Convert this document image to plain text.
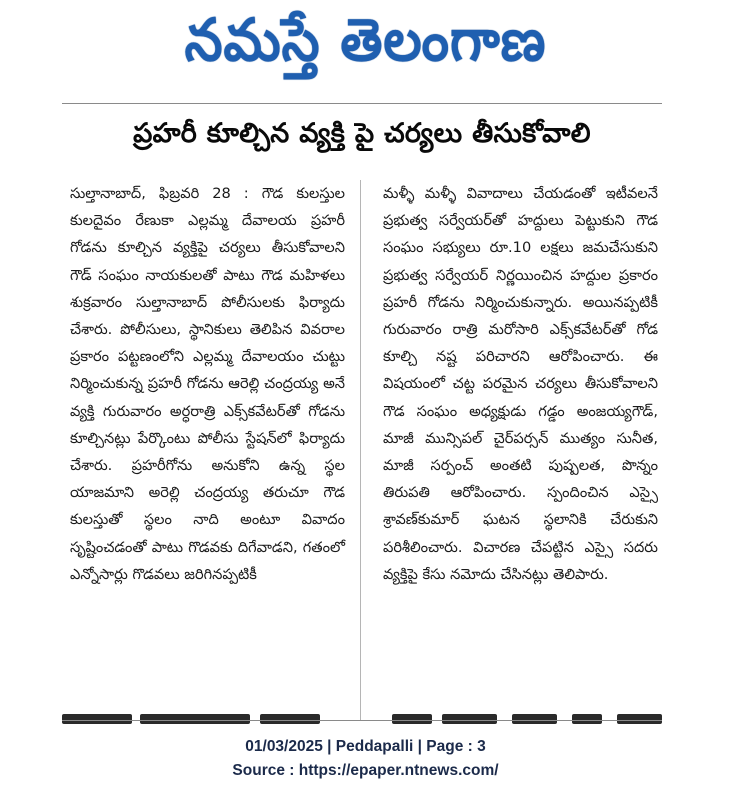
నమస్తే తెలంగాణ
ప్రహరీ కూల్చిన వ్యక్తి పై చర్యలు తీసుకోవాలి
సుల్తానాబాద్, ఫిబ్రవరి 28 : గౌడ కులస్తుల కులదైవం రేణుకా ఎల్లమ్మ దేవాలయ ప్రహరీ గోడను కూల్చిన వ్యక్తిపై చర్యలు తీసుకోవాలని గౌడ్ సంఘం నాయకులతో పాటు గౌడ మహిళలు శుక్రవారం సుల్తానాబాద్ పోలీసులకు ఫిర్యాదు చేశారు. పోలీసులు, స్థానికులు తెలిపిన వివరాల ప్రకారం పట్టణంలోని ఎల్లమ్మ దేవాలయం చుట్టు నిర్మించుకున్న ప్రహరీ గోడను ఆరెల్లి చంద్రయ్య అనే వ్యక్తి గురువారం అర్ధరాత్రి ఎక్స్‌కవేటర్‌తో గోడను కూల్చినట్లు పేర్కొంటు పోలీసు స్టేషన్‌లో ఫిర్యాదు చేశారు. ప్రహరీగోను అనుకోని ఉన్న స్థల యాజమాని అరెల్లి చంద్రయ్య తరుచూ గౌడ కులస్తుతో స్థలం నాది అంటూ వివాదం సృష్టించడంతో పాటు గొడవకు దిగేవాడని, గతంలో ఎన్నోసార్లు గొడవలు జరిగినప్పటికీ
మళ్ళీ మళ్ళీ వివాదాలు చేయడంతో ఇటీవలనే ప్రభుత్వ సర్వేయర్‌తో హద్దులు పెట్టుకుని గౌడ సంఘం సభ్యులు రూ.10 లక్షలు జమచేసుకుని ప్రభుత్వ సర్వేయర్ నిర్ణయించిన హద్దుల ప్రకారం ప్రహరీ గోడను నిర్మించుకున్నారు. అయినప్పటికీ గురువారం రాత్రి మరోసారి ఎక్స్‌కవేటర్‌తో గోడ కూల్చి నష్ట పరిచారని ఆరోపించారు. ఈ విషయంలో చట్ట పరమైన చర్యలు తీసుకోవాలని గౌడ సంఘం అధ్యక్షుడు గడ్డం అంజయ్యగౌడ్, మాజీ మున్సిపల్ చైర్‌పర్సన్ ముత్యం సునీత, మాజీ సర్పంచ్ అంతటి పుష్పలత, పొన్నం తిరుపతి ఆరోపించారు. స్పందించిన ఎస్సై శ్రావణ్‌కుమార్ ఘటన స్థలానికి చేరుకుని పరిశీలించారు. విచారణ చేపట్టిన ఎస్సై సదరు వ్యక్తిపై కేసు నమోదు చేసినట్లు తెలిపారు.
01/03/2025 | Peddapalli | Page : 3
Source : https://epaper.ntnews.com/
